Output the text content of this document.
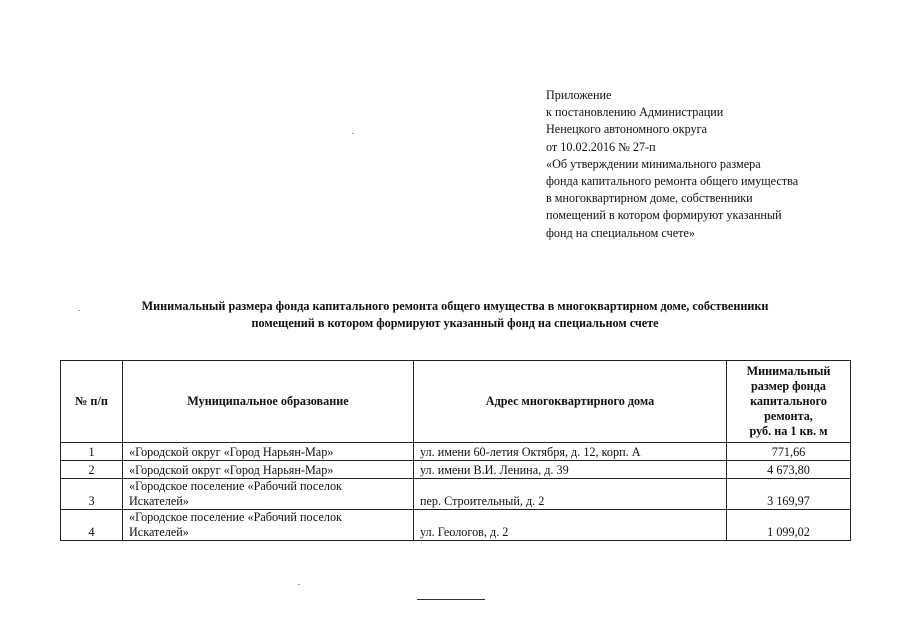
Приложение
к постановлению Администрации
Ненецкого автономного округа
от 10.02.2016 № 27-п
«Об утверждении минимального размера
фонда капитального ремонта общего имущества
в многоквартирном доме, собственники
помещений в котором формируют указанный
фонд на специальном счете»
Минимальный размера фонда капитального ремонта общего имущества в многоквартирном доме, собственникн
помещений в котором формируют указанный фонд на специальном счете
№ п/п	Муниципальное образование	Адрес многоквартирного дома	Минимальный
размер фонда
капитального
ремонта,
руб. на 1 кв. м

1	«Городской округ «Город Нарьян-Мар»	ул. имени 60-летия Октября, д. 12, корп. А	771,66
2	«Городской округ «Город Нарьян-Мар»	ул. имени В.И. Ленина, д. 39	4 673,80
3	«Городское поселение «Рабочий поселок
Искателей»	пер. Строительный, д. 2	3 169,97
4	«Городское поселение «Рабочий поселок
Искателей»	ул. Геологов, д. 2	1 099,02
